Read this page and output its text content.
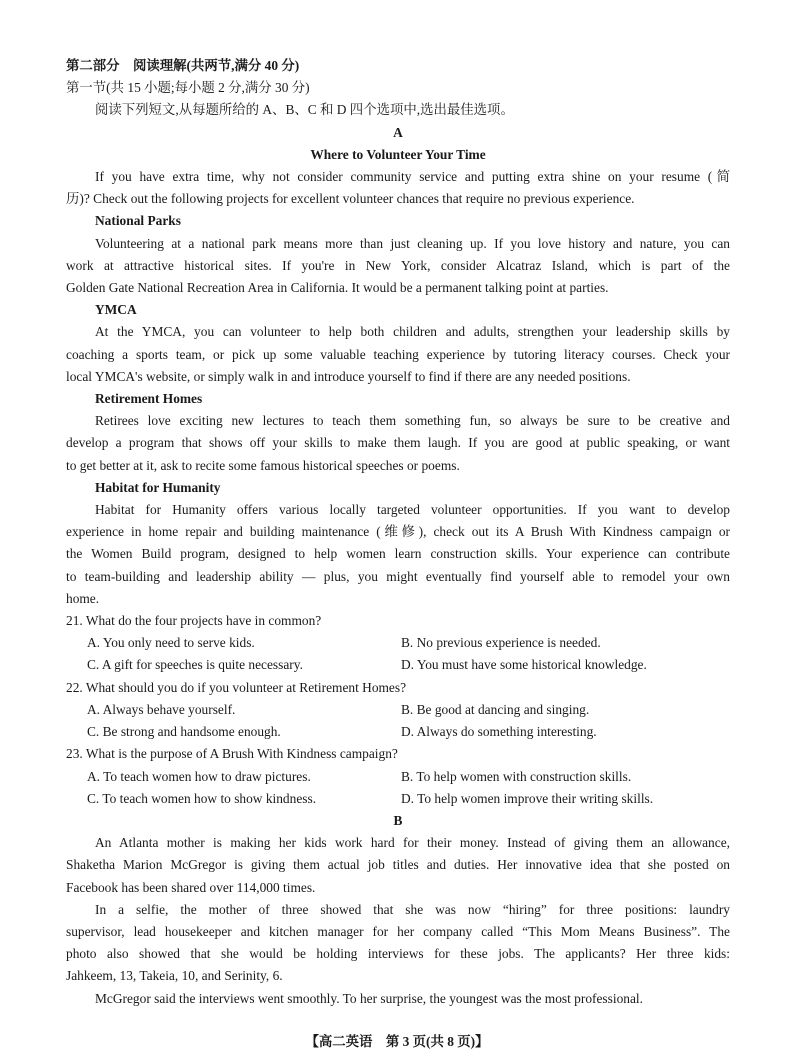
第二部分　阅读理解(共两节,满分 40 分)
第一节(共 15 小题;每小题 2 分,满分 30 分)
阅读下列短文,从每题所给的 A、B、C 和 D 四个选项中,选出最佳选项。
A
Where to Volunteer Your Time
If you have extra time, why not consider community service and putting extra shine on your resume (简
历)? Check out the following projects for excellent volunteer chances that require no previous experience.
National Parks
Volunteering at a national park means more than just cleaning up. If you love history and nature, you can
work at attractive historical sites. If you're in New York, consider Alcatraz Island, which is part of the
Golden Gate National Recreation Area in California. It would be a permanent talking point at parties.
YMCA
At the YMCA, you can volunteer to help both children and adults, strengthen your leadership skills by
coaching a sports team, or pick up some valuable teaching experience by tutoring literacy courses. Check your
local YMCA's website, or simply walk in and introduce yourself to find if there are any needed positions.
Retirement Homes
Retirees love exciting new lectures to teach them something fun, so always be sure to be creative and
develop a program that shows off your skills to make them laugh. If you are good at public speaking, or want
to get better at it, ask to recite some famous historical speeches or poems.
Habitat for Humanity
Habitat for Humanity offers various locally targeted volunteer opportunities. If you want to develop
experience in home repair and building maintenance (维修), check out its A Brush With Kindness campaign or
the Women Build program, designed to help women learn construction skills. Your experience can contribute
to team-building and leadership ability — plus, you might eventually find yourself able to remodel your own
home.
21. What do the four projects have in common?
A. You only need to serve kids.	B. No previous experience is needed.
C. A gift for speeches is quite necessary.	D. You must have some historical knowledge.
22. What should you do if you volunteer at Retirement Homes?
A. Always behave yourself.	B. Be good at dancing and singing.
C. Be strong and handsome enough.	D. Always do something interesting.
23. What is the purpose of A Brush With Kindness campaign?
A. To teach women how to draw pictures.	B. To help women with construction skills.
C. To teach women how to show kindness.	D. To help women improve their writing skills.
B
An Atlanta mother is making her kids work hard for their money. Instead of giving them an allowance,
Shaketha Marion McGregor is giving them actual job titles and duties. Her innovative idea that she posted on
Facebook has been shared over 114,000 times.
In a selfie, the mother of three showed that she was now “hiring” for three positions: laundry
supervisor, lead housekeeper and kitchen manager for her company called “This Mom Means Business”. The
photo also showed that she would be holding interviews for these jobs. The applicants? Her three kids:
Jahkeem, 13, Takeia, 10, and Serinity, 6.
McGregor said the interviews went smoothly. To her surprise, the youngest was the most professional.
【高二英语　第 3 页(共 8 页)】
